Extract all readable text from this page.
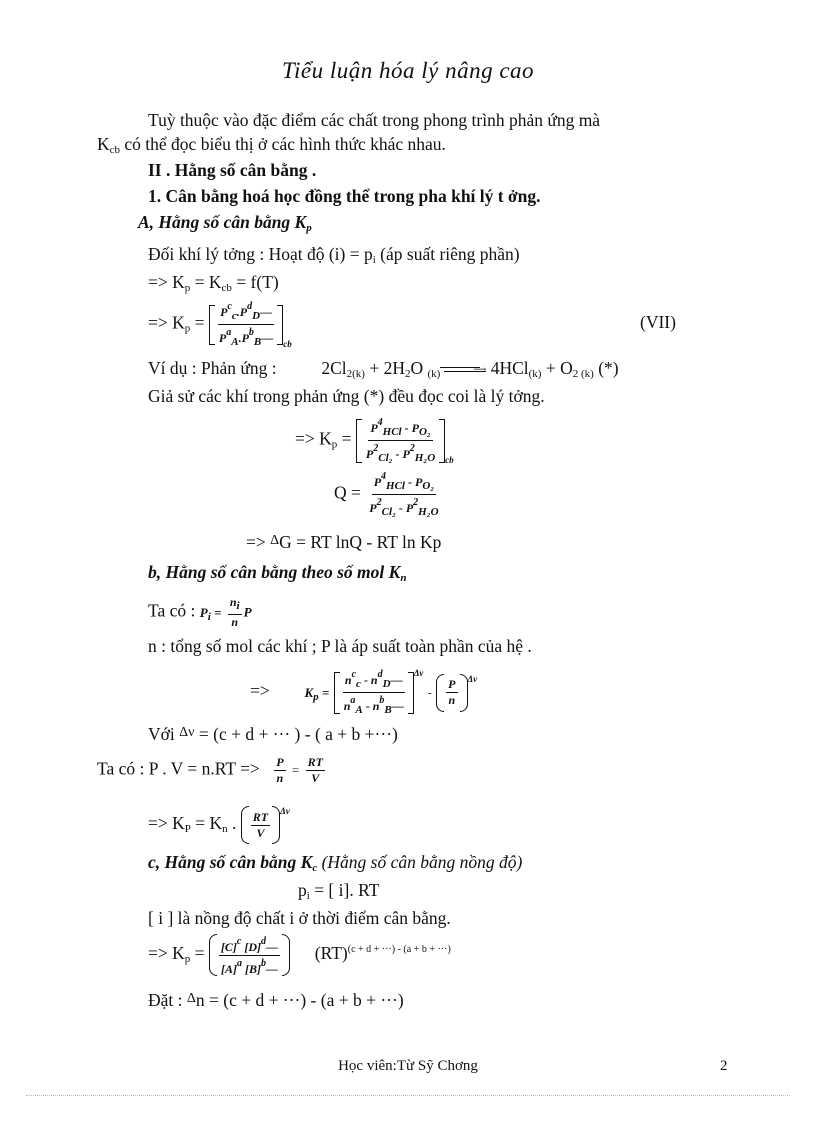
Tiểu luận hóa lý nâng cao
Tuỳ thuộc vào đặc điểm các chất trong phong trình phản ứng mà
$K_{cb}$ có thể đọc biểu thị ở các hình thức khác nhau.
II . Hằng số cân bằng .
1. Cân bằng hoá học đồng thể trong pha khí lý t ởng.
A, Hằng số cân bằng $K_p$
Đối khí lý tởng : Hoạt độ $(i) = p_i$ (áp suất riêng phần)
=> $K_p = K_{cb} = f(T)$
=> $K_p = \frac{P^c_c.P^d_D—}{P^a_A.P^b_B—}$ cb
(VII)
Ví dụ : Phản ứng :	$2Cl_{2(k)} + 2H_2O$ $_{(k)}$	⟶ $4HCl_{(k)} + O_{2 (k)}$ (*)
Giả sử các khí trong phản ứng (*) đều đọc coi là lý tởng.
=> $K_p = \frac{P^4_{HCl} - P_{O_2}}{P^2_{Cl_2} - P^2_{H_2O}}$ cb
$Q = \frac{P^4_{HCl} - P_{O_2}}{P^2_{Cl_2} - P^2_{H_2O}}$
=> $^\Delta$G = RT lnQ - RT ln Kp
b, Hằng số cân bằng theo số mol $K_n$
Ta có : $P_i = \frac{n_i}{n}$ P
n : tổng số mol các khí ; P là áp suất toàn phần của hệ .
=>	$K_p = \frac{n^c_c - n^d_D—}{n^a_A - n^b_B—}$ Δν
- $\frac{P}{n}$ Δν
Với $^{\Delta\nu}$ = (c + d + ··· ) - ( a + b +···)
Ta có : P . $V = n.RT => \frac{P}{n} = \frac{RT}{V}$
=> $K_P = K_n$ . $\frac{RT}{V}$ Δν
c, Hằng số cân bằng $K_c$ (Hằng số cân bằng nồng độ)
$p_i$ = [ i]. RT
[ i ] là nồng độ chất i ở thời điểm cân bằng.
=> $K_p = \frac{[C]^c [D]^d—}{[A]^a [B]^b—} (RT)^{(c + d + \cdot\cdot\cdot) - (a + b + \cdot\cdot\cdot)}$
Đặt : $^\Delta$n = (c + d + ···) - (a + b + ···)
Học viên:Từ Sỹ Chơng	2
